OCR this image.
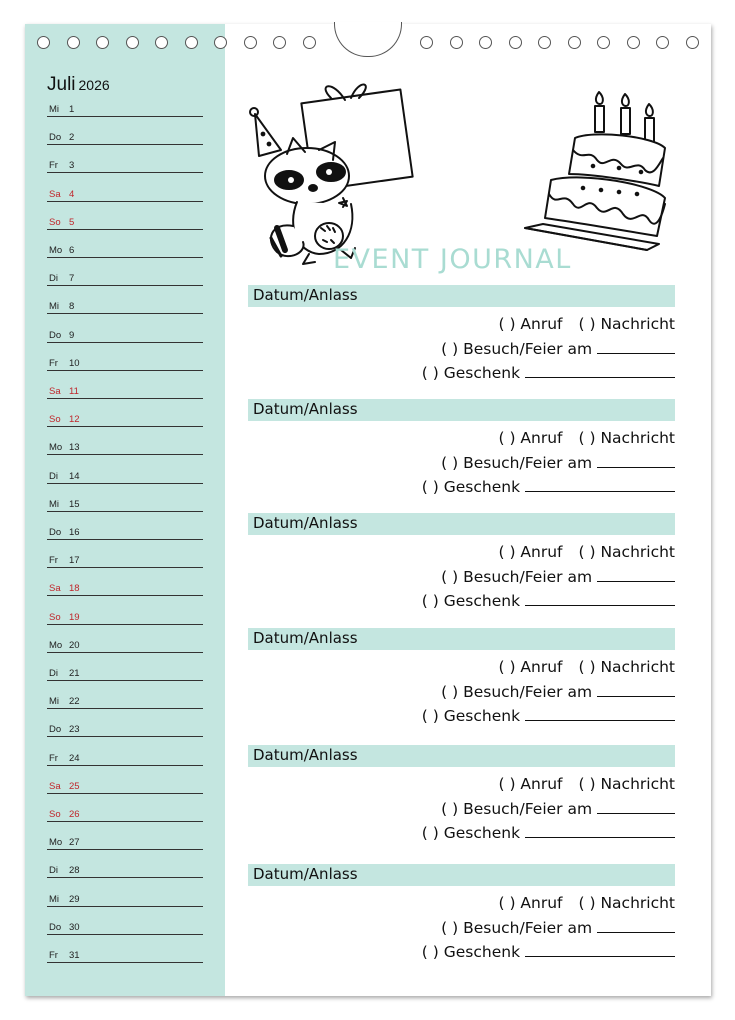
Juli 2026
Mi 1
Do 2
Fr 3
Sa 4
So 5
Mo 6
Di 7
Mi 8
Do 9
Fr 10
Sa 11
So 12
Mo 13
Di 14
Mi 15
Do 16
Fr 17
Sa 18
So 19
Mo 20
Di 21
Mi 22
Do 23
Fr 24
Sa 25
So 26
Mo 27
Di 28
Mi 29
Do 30
Fr 31
EVENT JOURNAL
Datum/Anlass
( ) Anruf ( ) Nachricht
( ) Besuch/Feier am
( ) Geschenk
Datum/Anlass
( ) Anruf ( ) Nachricht
( ) Besuch/Feier am
( ) Geschenk
Datum/Anlass
( ) Anruf ( ) Nachricht
( ) Besuch/Feier am
( ) Geschenk
Datum/Anlass
( ) Anruf ( ) Nachricht
( ) Besuch/Feier am
( ) Geschenk
Datum/Anlass
( ) Anruf ( ) Nachricht
( ) Besuch/Feier am
( ) Geschenk
Datum/Anlass
( ) Anruf ( ) Nachricht
( ) Besuch/Feier am
( ) Geschenk
